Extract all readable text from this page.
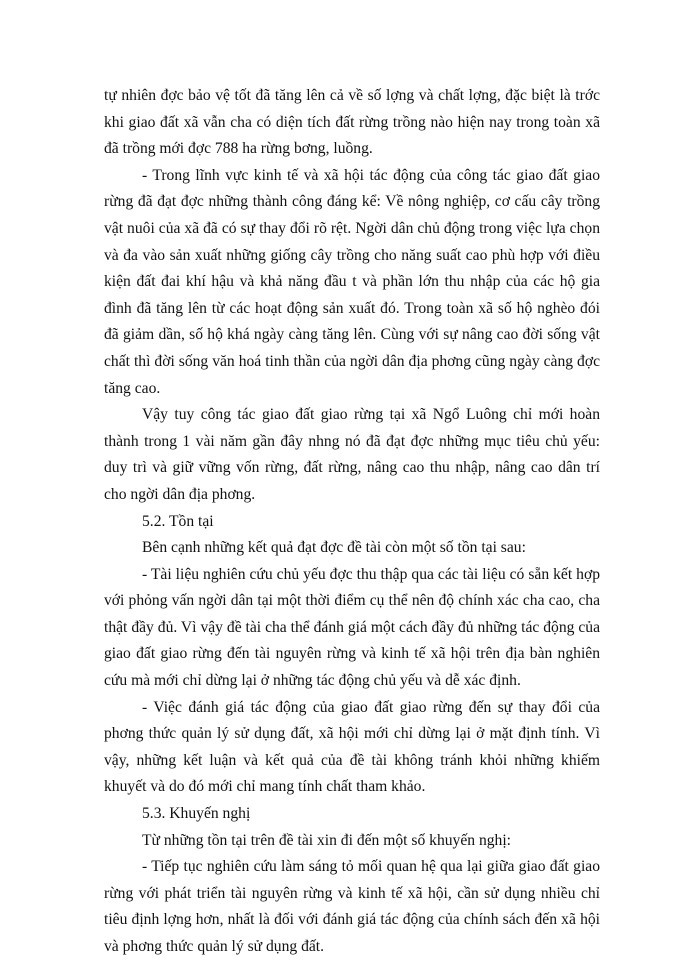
tự nhiên đợc bảo vệ tốt đã tăng lên cả về số lợng và chất lợng, đặc biệt là trớc khi giao đất xã vẫn cha có diện tích đất rừng trồng nào hiện nay trong toàn xã đã trồng mới đợc 788 ha rừng bơng, luồng.

- Trong lĩnh vực kinh tế và xã hội tác động của công tác giao đất giao rừng đã đạt đợc những thành công đáng kể: Về nông nghiệp, cơ cấu cây trồng vật nuôi của xã đã có sự thay đổi rõ rệt. Ngời dân chủ động trong việc lựa chọn và đa vào sản xuất những giống cây trồng cho năng suất cao phù hợp với điều kiện đất đai khí hậu và khả năng đầu t và phần lớn thu nhập của các hộ gia đình đã tăng lên từ các hoạt động sản xuất đó. Trong toàn xã số hộ nghèo đói đã giảm dần, số hộ khá ngày càng tăng lên. Cùng với sự nâng cao đời sống vật chất thì đời sống văn hoá tinh thần của ngời dân địa phơng cũng ngày càng đợc tăng cao.

Vậy tuy công tác giao đất giao rừng tại xã Ngổ Luông chỉ mới hoàn thành trong 1 vài năm gần đây nhng nó đã đạt đợc những mục tiêu chủ yếu: duy trì và giữ vững vốn rừng, đất rừng, nâng cao thu nhập, nâng cao dân trí cho ngời dân địa phơng.

5.2. Tồn tại

Bên cạnh những kết quả đạt đợc đề tài còn một số tồn tại sau:

- Tài liệu nghiên cứu chủ yếu đợc thu thập qua các tài liệu có sẵn kết hợp với phỏng vấn ngời dân tại một thời điểm cụ thể nên độ chính xác cha cao, cha thật đầy đủ. Vì vậy đề tài cha thể đánh giá một cách đầy đủ những tác động của giao đất giao rừng đến tài nguyên rừng và kinh tế xã hội trên địa bàn nghiên cứu mà mới chỉ dừng lại ở những tác động chủ yếu và dễ xác định.

- Việc đánh giá tác động của giao đất giao rừng đến sự thay đổi của phơng thức quản lý sử dụng đất, xã hội mới chỉ dừng lại ở mặt định tính. Vì vậy, những kết luận và kết quả của đề tài không tránh khỏi những khiếm khuyết và do đó mới chỉ mang tính chất tham khảo.

5.3. Khuyến nghị

Từ những tồn tại trên đề tài xin đi đến một số khuyến nghị:

- Tiếp tục nghiên cứu làm sáng tỏ mối quan hệ qua lại giữa giao đất giao rừng với phát triển tài nguyên rừng và kinh tế xã hội, cần sử dụng nhiều chỉ tiêu định lợng hơn, nhất là đối với đánh giá tác động của chính sách đến xã hội và phơng thức quản lý sử dụng đất.
